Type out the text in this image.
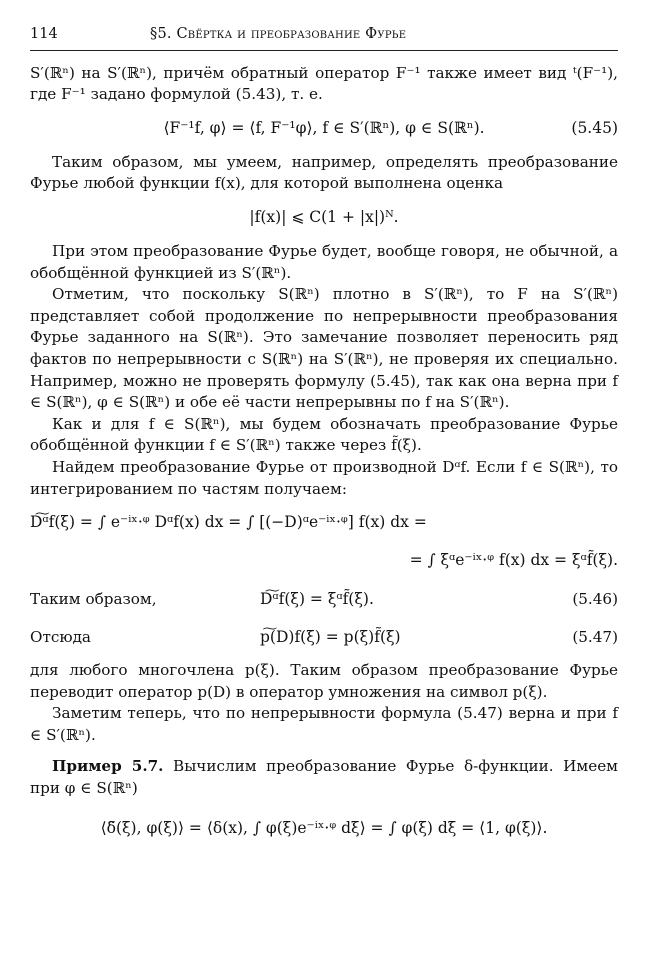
114	§5. Свёртка и преобразование Фурье

S′(ℝⁿ) на S′(ℝⁿ), причём обратный оператор F⁻¹ также имеет вид ᵗ(F⁻¹), где F⁻¹ задано формулой (5.43), т. е.

⟨F⁻¹f, φ⟩ = ⟨f, F⁻¹φ⟩, f ∈ S′(ℝⁿ), φ ∈ S(ℝⁿ).	(5.45)

Таким образом, мы умеем, например, определять преобразование Фурье любой функции f(x), для которой выполнена оценка

|f(x)| ⩽ C(1 + |x|)ᴺ.

При этом преобразование Фурье будет, вообще говоря, не обычной, а обобщённой функцией из S′(ℝⁿ).

Отметим, что поскольку S(ℝⁿ) плотно в S′(ℝⁿ), то F на S′(ℝⁿ) представляет собой продолжение по непрерывности преобразования Фурье заданного на S(ℝⁿ). Это замечание позволяет переносить ряд фактов по непрерывности с S(ℝⁿ) на S′(ℝⁿ), не проверяя их специально. Например, можно не проверять формулу (5.45), так как она верна при f ∈ S(ℝⁿ), φ ∈ S(ℝⁿ) и обе её части непрерывны по f на S′(ℝⁿ).

Как и для f ∈ S(ℝⁿ), мы будем обозначать преобразование Фурье обобщённой функции f ∈ S′(ℝⁿ) также через f̃(ξ).

Найдем преобразование Фурье от производной Dᵅf. Если f ∈ S(ℝⁿ), то интегрированием по частям получаем:

D͠ᵅf(ξ) = ∫ e⁻ⁱˣ·ᵠ Dᵅf(x) dx = ∫ [(−D)ᵅe⁻ⁱˣ·ᵠ] f(x) dx =
= ∫ ξᵅe⁻ⁱˣ·ᵠ f(x) dx = ξᵅf̃(ξ).
Таким образом,	D͠ᵅf(ξ) = ξᵅf̃(ξ).	(5.46)
Отсюда	p͠(D)f(ξ) = p(ξ)f̃(ξ)	(5.47)

для любого многочлена p(ξ). Таким образом преобразование Фурье переводит оператор p(D) в оператор умножения на символ p(ξ).

Заметим теперь, что по непрерывности формула (5.47) верна и при f ∈ S′(ℝⁿ).

Пример 5.7. Вычислим преобразование Фурье δ-функции. Имеем при φ ∈ S(ℝⁿ)

⟨δ̃(ξ), φ(ξ)⟩ = ⟨δ(x), ∫ φ(ξ)e⁻ⁱˣ·ᵠ dξ⟩ = ∫ φ(ξ) dξ = ⟨1, φ(ξ)⟩.
